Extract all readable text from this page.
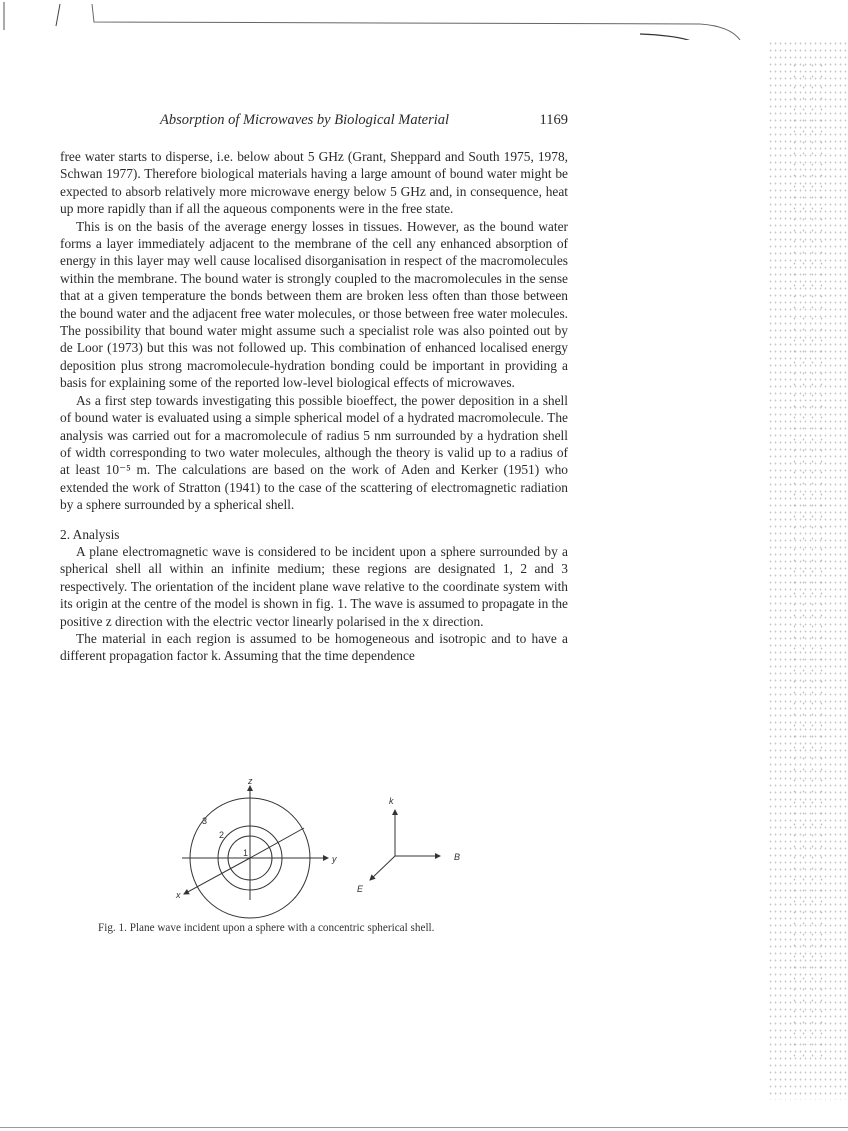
Absorption of Microwaves by Biological Material	1169

free water starts to disperse, i.e. below about 5 GHz (Grant, Sheppard and South 1975, 1978, Schwan 1977). Therefore biological materials having a large amount of bound water might be expected to absorb relatively more microwave energy below 5 GHz and, in consequence, heat up more rapidly than if all the aqueous components were in the free state.

This is on the basis of the average energy losses in tissues. However, as the bound water forms a layer immediately adjacent to the membrane of the cell any enhanced absorption of energy in this layer may well cause localised disorganisation in respect of the macromolecules within the membrane. The bound water is strongly coupled to the macromolecules in the sense that at a given temperature the bonds between them are broken less often than those between the bound water and the adjacent free water molecules, or those between free water molecules. The possibility that bound water might assume such a specialist role was also pointed out by de Loor (1973) but this was not followed up. This combination of enhanced localised energy deposition plus strong macromolecule-hydration bonding could be important in providing a basis for explaining some of the reported low-level biological effects of microwaves.

As a first step towards investigating this possible bioeffect, the power deposition in a shell of bound water is evaluated using a simple spherical model of a hydrated macromolecule. The analysis was carried out for a macromolecule of radius 5 nm surrounded by a hydration shell of width corresponding to two water molecules, although the theory is valid up to a radius of at least 10⁻⁵ m. The calculations are based on the work of Aden and Kerker (1951) who extended the work of Stratton (1941) to the case of the scattering of electromagnetic radiation by a sphere surrounded by a spherical shell.

2. Analysis

A plane electromagnetic wave is considered to be incident upon a sphere surrounded by a spherical shell all within an infinite medium; these regions are designated 1, 2 and 3 respectively. The orientation of the incident plane wave relative to the coordinate system with its origin at the centre of the model is shown in fig. 1. The wave is assumed to propagate in the positive z direction with the electric vector linearly polarised in the x direction.

The material in each region is assumed to be homogeneous and isotropic and to have a different propagation factor k. Assuming that the time dependence

z
y
x
1
2
3
k
B
E
Fig. 1. Plane wave incident upon a sphere with a concentric spherical shell.
